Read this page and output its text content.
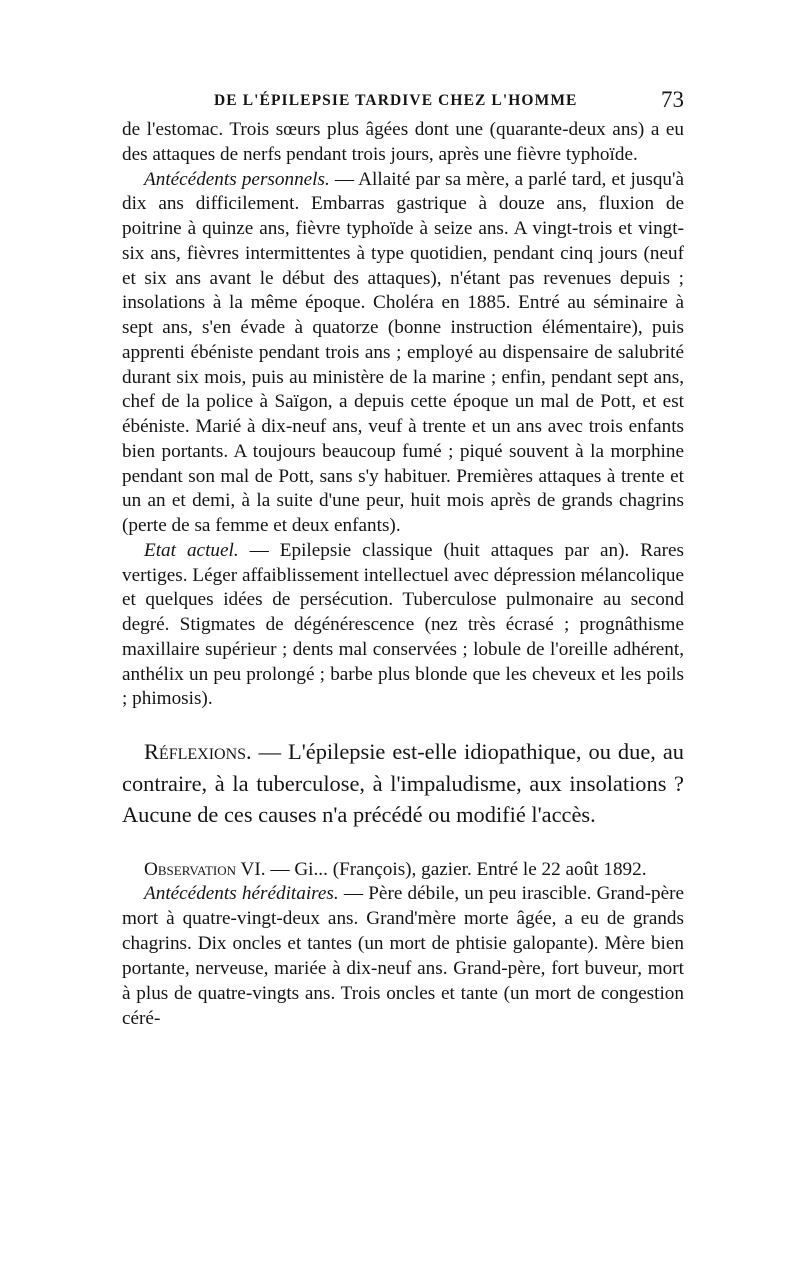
DE L'ÉPILEPSIE TARDIVE CHEZ L'HOMME	73

de l'estomac. Trois sœurs plus âgées dont une (quarante-deux ans) a eu des attaques de nerfs pendant trois jours, après une fièvre typhoïde.

Antécédents personnels. — Allaité par sa mère, a parlé tard, et jusqu'à dix ans difficilement. Embarras gastrique à douze ans, fluxion de poitrine à quinze ans, fièvre typhoïde à seize ans. A vingt-trois et vingt-six ans, fièvres intermittentes à type quotidien, pendant cinq jours (neuf et six ans avant le début des attaques), n'étant pas revenues depuis ; insolations à la même époque. Choléra en 1885. Entré au séminaire à sept ans, s'en évade à quatorze (bonne instruction élémentaire), puis apprenti ébéniste pendant trois ans ; employé au dispensaire de salubrité durant six mois, puis au ministère de la marine ; enfin, pendant sept ans, chef de la police à Saïgon, a depuis cette époque un mal de Pott, et est ébéniste. Marié à dix-neuf ans, veuf à trente et un ans avec trois enfants bien portants. A toujours beaucoup fumé ; piqué souvent à la morphine pendant son mal de Pott, sans s'y habituer. Premières attaques à trente et un an et demi, à la suite d'une peur, huit mois après de grands chagrins (perte de sa femme et deux enfants).

Etat actuel. — Epilepsie classique (huit attaques par an). Rares vertiges. Léger affaiblissement intellectuel avec dépression mélancolique et quelques idées de persécution. Tuberculose pulmonaire au second degré. Stigmates de dégénérescence (nez très écrasé ; prognâthisme maxillaire supérieur ; dents mal conservées ; lobule de l'oreille adhérent, anthélix un peu prolongé ; barbe plus blonde que les cheveux et les poils ; phimosis).

Réflexions. — L'épilepsie est-elle idiopathique, ou due, au contraire, à la tuberculose, à l'impaludisme, aux insolations ? Aucune de ces causes n'a précédé ou modifié l'accès.

Observation VI. — Gi... (François), gazier. Entré le 22 août 1892.

Antécédents héréditaires. — Père débile, un peu irascible. Grand-père mort à quatre-vingt-deux ans. Grand'mère morte âgée, a eu de grands chagrins. Dix oncles et tantes (un mort de phtisie galopante). Mère bien portante, nerveuse, mariée à dix-neuf ans. Grand-père, fort buveur, mort à plus de quatre-vingts ans. Trois oncles et tante (un mort de congestion céré-
